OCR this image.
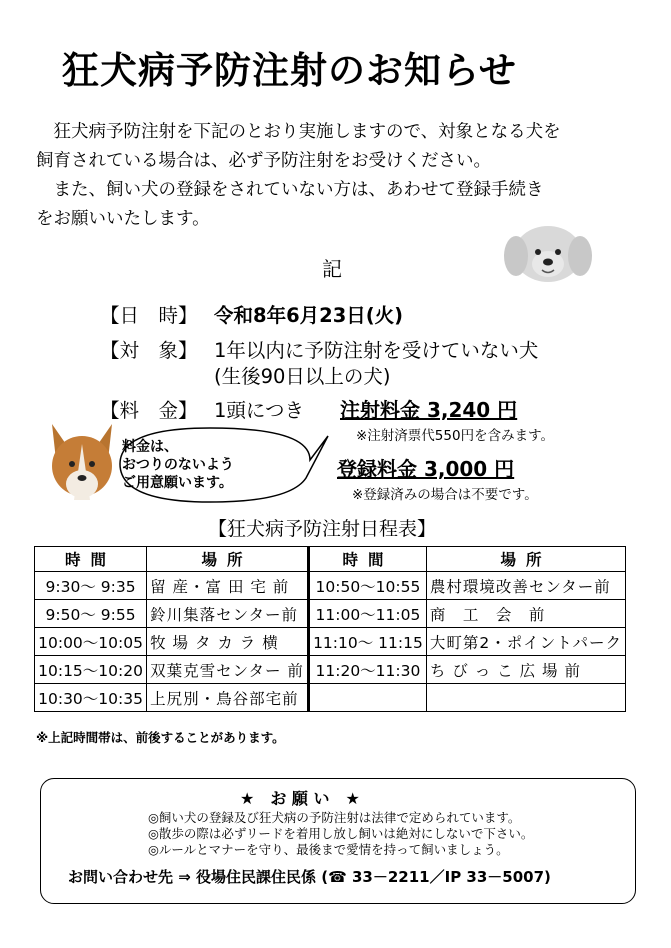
狂犬病予防注射のお知らせ

　狂犬病予防注射を下記のとおり実施しますので、対象となる犬を

飼育されている場合は、必ず予防注射をお受けください。

　また、飼い犬の登録をされていない方は、あわせて登録手続き

をお願いいたします。

記
【日　時】 令和8年6月23日(火)
【対　象】 1年以内に予防注射を受けていない犬
(生後90日以上の犬)
【料　金】 1頭につき 注射料金 3,240 円
※注射済票代550円を含みます。
登録料金 3,000 円
※登録済みの場合は不要です。
料金は、
おつりのないよう
ご用意願います。
【狂犬病予防注射日程表】
時間	場所	時間	場所
9:30～ 9:35	留 産・富 田 宅 前	10:50～10:55	農村環境改善センター前
9:50～ 9:55	鈴川集落センター前	11:00～11:05	商　工　会　前
10:00～10:05	牧 場 タ カ ラ 横	11:10～ 11:15	大町第2・ポイントパーク
10:15～10:20	双葉克雪センター 前	11:20～11:30	ち び っ こ 広 場 前
10:30～10:35	上尻別・鳥谷部宅前		
※上記時間帯は、前後することがあります。
★　お 願 い　★
◎飼い犬の登録及び狂犬病の予防注射は法律で定められています。
◎散歩の際は必ずリードを着用し放し飼いは絶対にしないで下さい。
◎ルールとマナーを守り、最後まで愛情を持って飼いましょう。
お問い合わせ先 ⇒ 役場住民課住民係 (☎ 33－2211／IP 33－5007)
